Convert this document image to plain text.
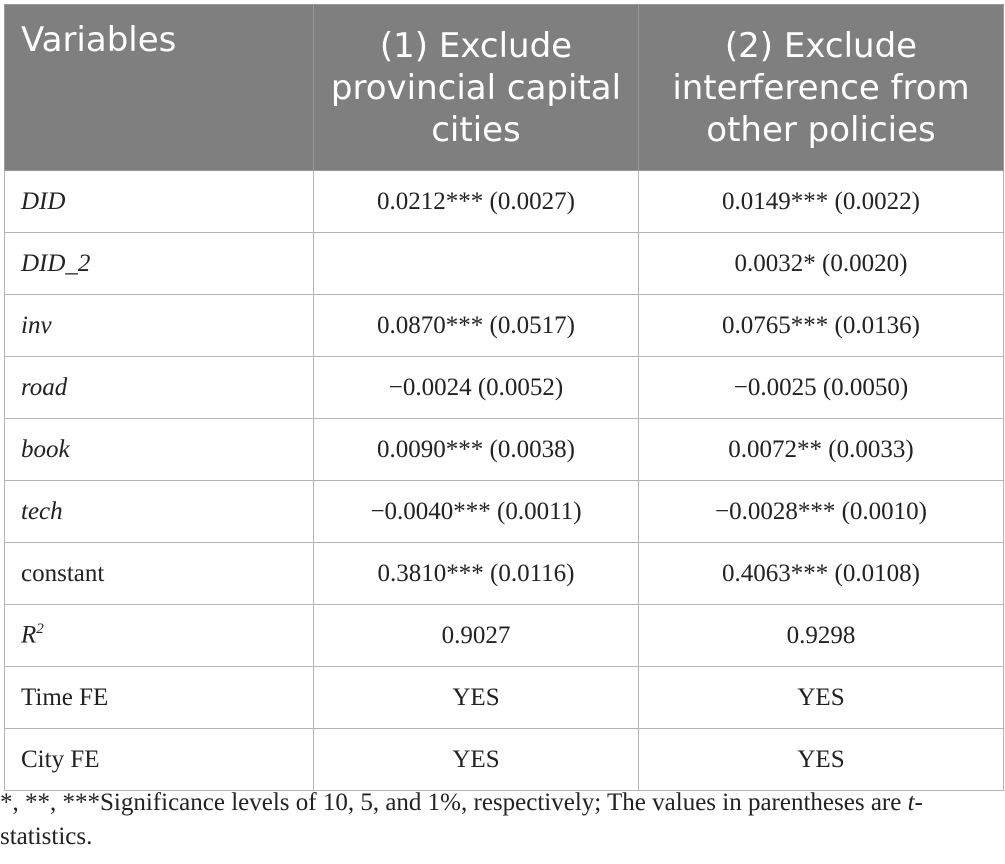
Variables	(1) Exclude provincial capital cities	(2) Exclude interference from other policies
DID	0.0212*** (0.0027)	0.0149*** (0.0022)
DID_2		0.0032* (0.0020)
inv	0.0870*** (0.0517)	0.0765*** (0.0136)
road	−0.0024 (0.0052)	−0.0025 (0.0050)
book	0.0090*** (0.0038)	0.0072** (0.0033)
tech	−0.0040*** (0.0011)	−0.0028*** (0.0010)
constant	0.3810*** (0.0116)	0.4063*** (0.0108)
$R^2$	0.9027	0.9298
Time FE	YES	YES
City FE	YES	YES
*, **, ***Significance levels of 10, 5, and 1%, respectively; The values in parentheses are t-statistics.
